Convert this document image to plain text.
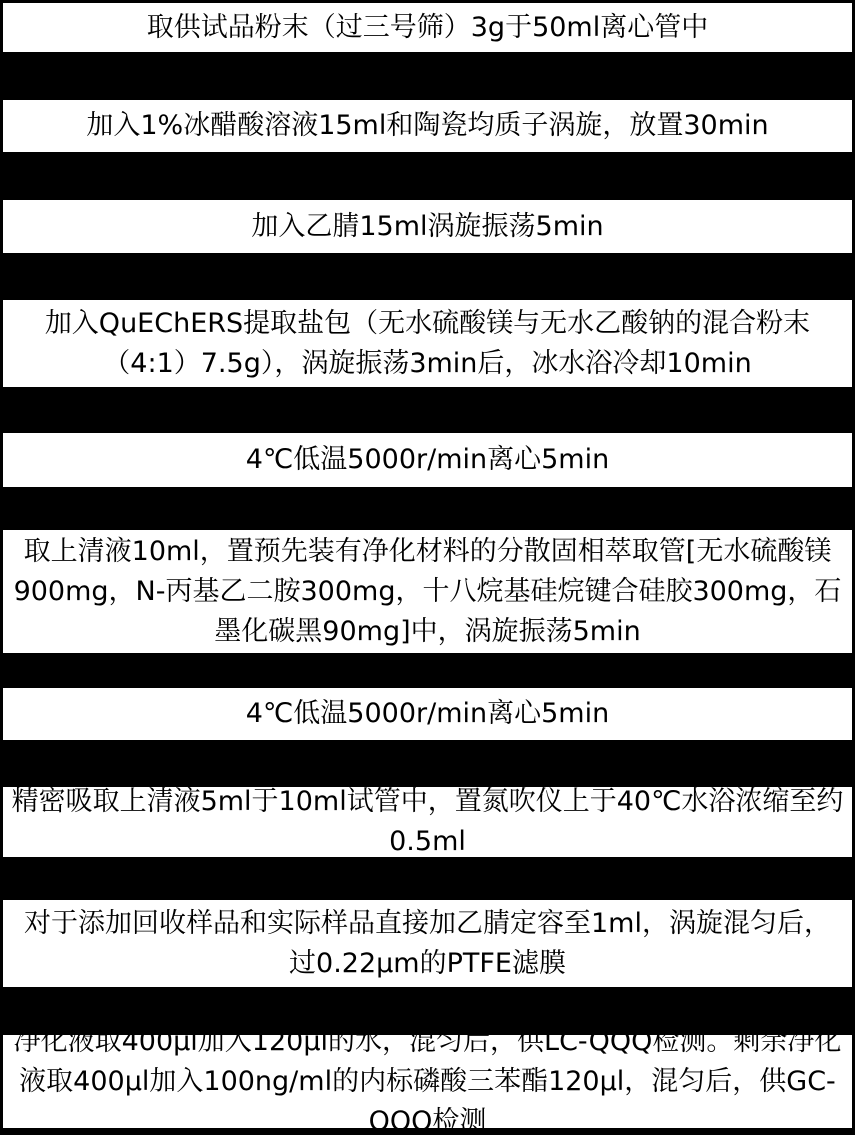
取供试品粉末（过三号筛）3g于50ml离心管中
加入1%冰醋酸溶液15ml和陶瓷均质子涡旋，放置30min
加入乙腈15ml涡旋振荡5min
加入QuEChERS提取盐包（无水硫酸镁与无水乙酸钠的混合粉末（4:1）7.5g），涡旋振荡3min后，冰水浴冷却10min
4℃低温5000r/min离心5min
取上清液10ml，置预先装有净化材料的分散固相萃取管[无水硫酸镁900mg，N-丙基乙二胺300mg，十八烷基硅烷键合硅胶300mg，石墨化碳黑90mg]中，涡旋振荡5min
4℃低温5000r/min离心5min
精密吸取上清液5ml于10ml试管中，置氮吹仪上于40℃水浴浓缩至约0.5ml
对于添加回收样品和实际样品直接加乙腈定容至1ml，涡旋混匀后，过0.22μm的PTFE滤膜
净化液取400μl加入120μl的水，混匀后，供LC-QQQ检测。剩余净化液取400μl加入100ng/ml的内标磷酸三苯酯120μl，混匀后，供GC-QQQ检测
